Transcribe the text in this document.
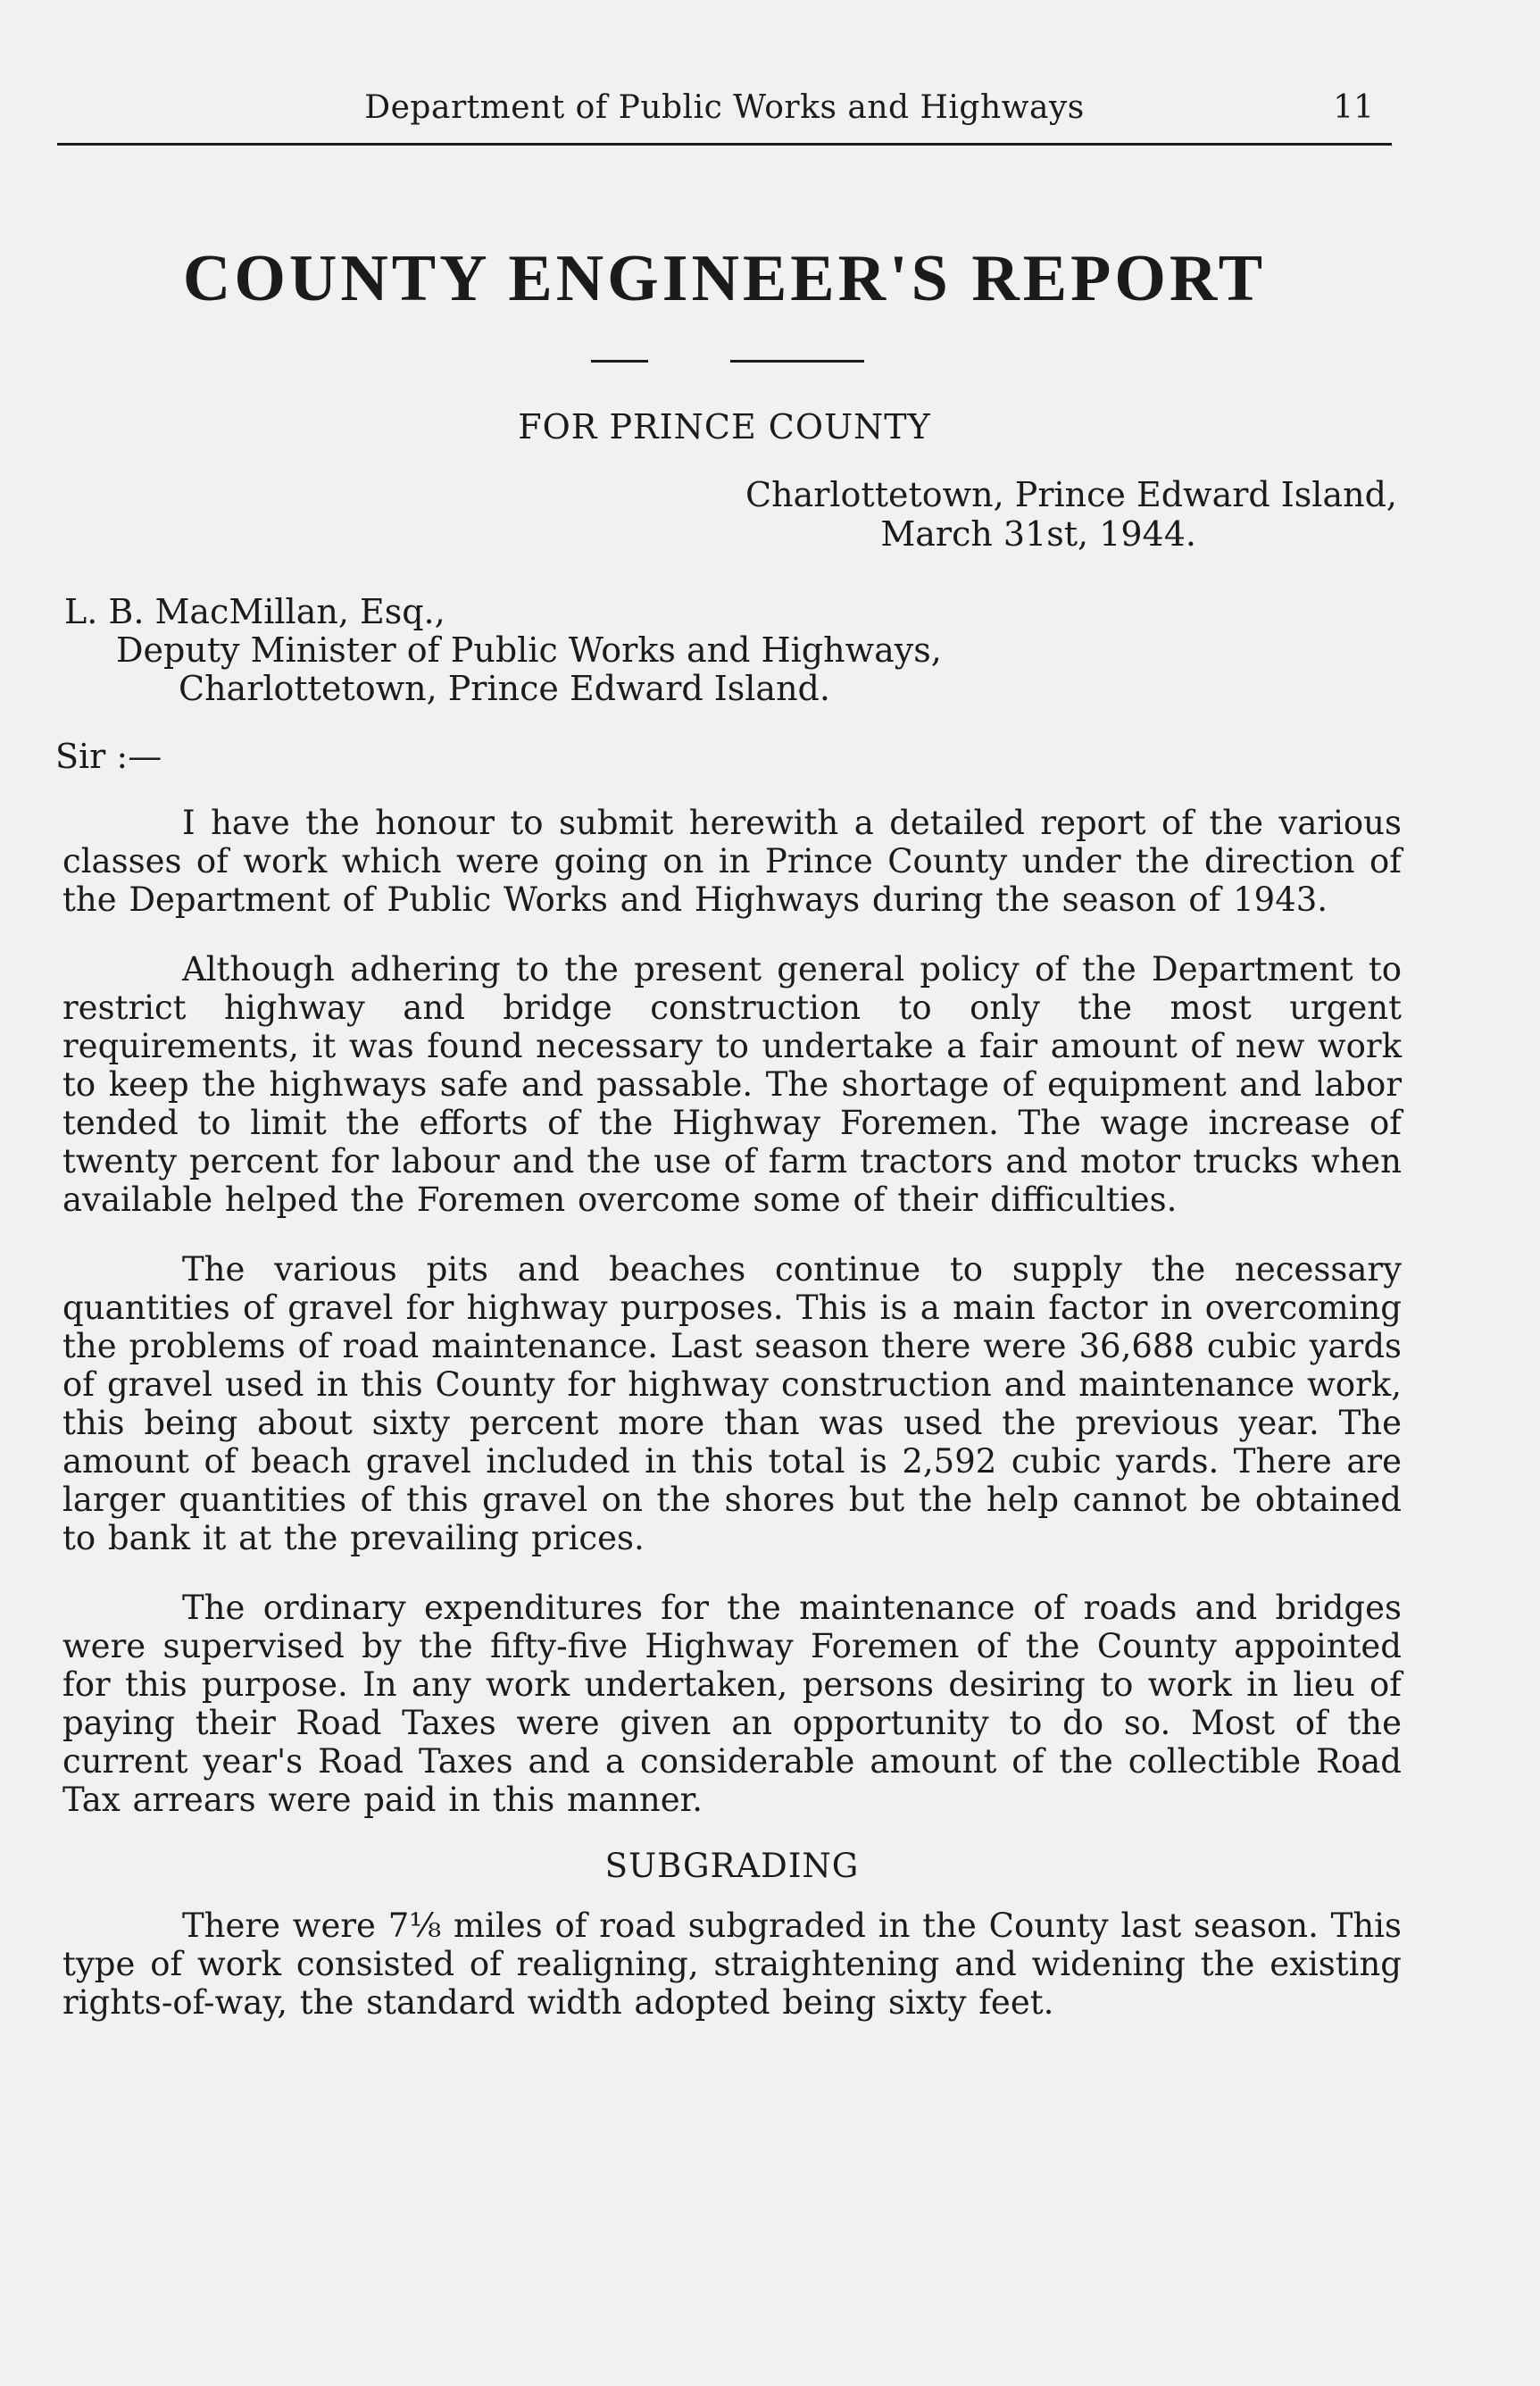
Department of Public Works and Highways	11
COUNTY ENGINEER'S REPORT
FOR PRINCE COUNTY
Charlottetown, Prince Edward Island,
March 31st, 1944.
L. B. MacMillan, Esq.,
Deputy Minister of Public Works and Highways,
Charlottetown, Prince Edward Island.
Sir :—

I have the honour to submit herewith a detailed report of the various classes of work which were going on in Prince County under the direction of the Department of Public Works and Highways during the season of 1943.

Although adhering to the present general policy of the Department to restrict highway and bridge construction to only the most urgent requirements, it was found necessary to undertake a fair amount of new work to keep the highways safe and passable. The shortage of equipment and labor tended to limit the efforts of the Highway Foremen. The wage increase of twenty percent for labour and the use of farm tractors and motor trucks when available helped the Foremen overcome some of their difficulties.

The various pits and beaches continue to supply the necessary quantities of gravel for highway purposes. This is a main factor in overcoming the problems of road maintenance. Last season there were 36,688 cubic yards of gravel used in this County for highway construction and maintenance work, this being about sixty percent more than was used the previous year. The amount of beach gravel included in this total is 2,592 cubic yards. There are larger quantities of this gravel on the shores but the help cannot be obtained to bank it at the prevailing prices.

The ordinary expenditures for the maintenance of roads and bridges were supervised by the fifty-five Highway Foremen of the County appointed for this purpose. In any work undertaken, persons desiring to work in lieu of paying their Road Taxes were given an opportunity to do so. Most of the current year's Road Taxes and a considerable amount of the collectible Road Tax arrears were paid in this manner.

SUBGRADING

There were 7⅛ miles of road subgraded in the County last season. This type of work consisted of realigning, straightening and widening the existing rights-of-way, the standard width adopted being sixty feet.
